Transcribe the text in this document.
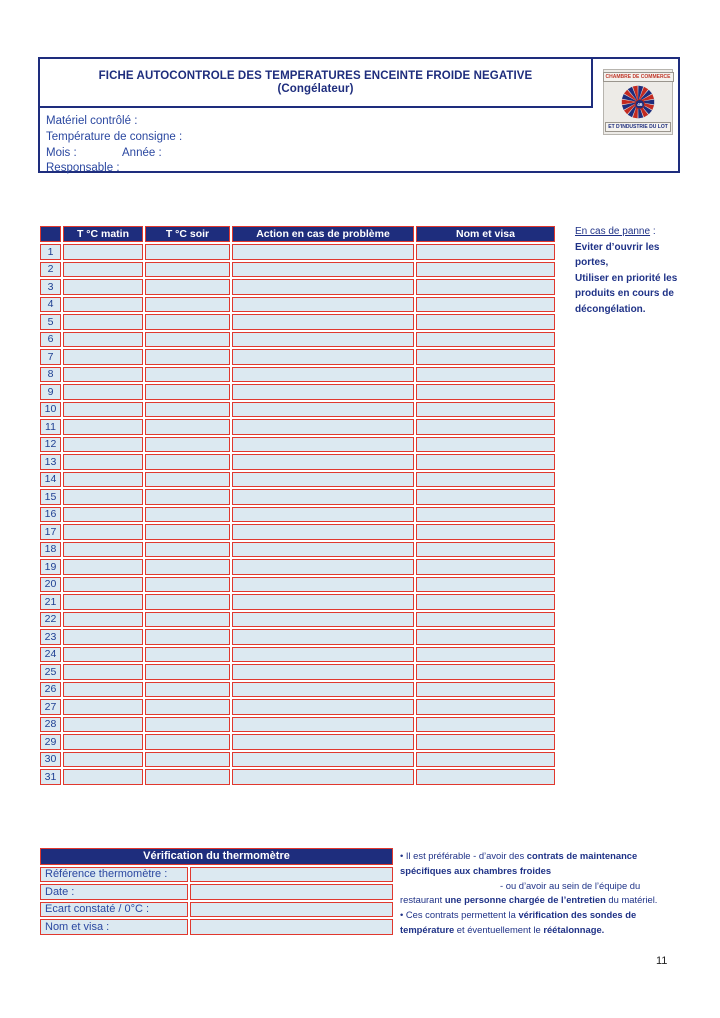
FICHE AUTOCONTROLE DES TEMPERATURES ENCEINTE FROIDE NEGATIVE
(Congélateur)
Matériel contrôlé :
Température de consigne :
Mois :	Année :
Responsable :
CHAMBRE DE COMMERCE
46
ET D'INDUSTRIE DU LOT
	T °C matin	T °C soir	Action en cas de problème	Nom et visa
1				
2				
3				
4				
5				
6				
7				
8				
9				
10				
11				
12				
13				
14				
15				
16				
17				
18				
19				
20				
21				
22				
23				
24				
25				
26				
27				
28				
29				
30				
31				
En cas de panne :
Eviter d’ouvrir les
portes,
Utiliser en priorité les
produits en cours de
décongélation.
Vérification du thermomètre	
Référence thermomètre :	
Date :	
Ecart constaté / 0°C :	
Nom et visa :	
• Il est préférable - d’avoir des contrats de maintenance
spécifiques aux chambres froides
- ou d’avoir au sein de l’équipe du
restaurant une personne chargée de l’entretien du matériel.
• Ces contrats permettent la vérification des sondes de
température et éventuellement le réétalonnage.
11
